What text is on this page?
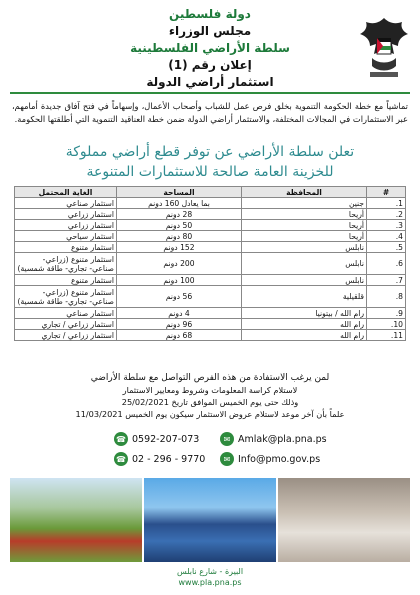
دولة فلسطين
مجلس الوزراء
سلطة الأراضي الفلسطينية
إعلان رقم (1)
استثمار أراضي الدولة
تماشياً مع خطة الحكومة التنموية بخلق فرص عمل للشباب وأصحاب الأعمال، وإسهاماً في فتح آفاق جديدة أمامهم، عبر الاستثمارات في المجالات المختلفة، والاستثمار أراضي الدولة ضمن خطة العناقيد التنموية التي أطلقتها الحكومة.
تعلن سلطة الأراضي عن توفر قطع أراضي مملوكة
للخزينة العامة صالحة للاستثمارات المتنوعة
#	المحافظة	المساحة	الغاية المحتمل
1.	جنين	بما يعادل 160 دونم	استثمار صناعي
2.	أريحا	28 دونم	استثمار زراعي
3.	أريحا	50 دونم	استثمار زراعي
4.	أريحا	80 دونم	استثمار سياحي
5.	نابلس	152 دونم	استثمار متنوع
6.	نابلس	200 دونم	استثمار متنوع (زراعي- صناعي- تجاري- طاقة شمسية)
7.	نابلس	100 دونم	استثمار متنوع
8.	قلقيلية	56 دونم	استثمار متنوع (زراعي- صناعي- تجاري- طاقة شمسية)
9.	رام الله / بيتونيا	4 دونم	استثمار صناعي
10.	رام الله	96 دونم	استثمار زراعي / تجاري
11.	رام الله	68 دونم	استثمار زراعي / تجاري
لمن يرغب الاستفادة من هذه الفرص التواصل مع سلطة الأراضي
لاستلام كراسة المعلومات وشروط ومعايير الاستثمار
وذلك حتى يوم الخميس الموافق تاريخ 25/02/2021
علماً بأن آخر موعد لاستلام عروض الاستثمار سيكون يوم الخميس 11/03/2021
☎ 0592-207-073
☎ 02 - 296 - 9770
✉ Amlak@pla.pna.ps
✉ Info@pmo.gov.ps
البيرة - شارع نابلس
www.pla.pna.ps
